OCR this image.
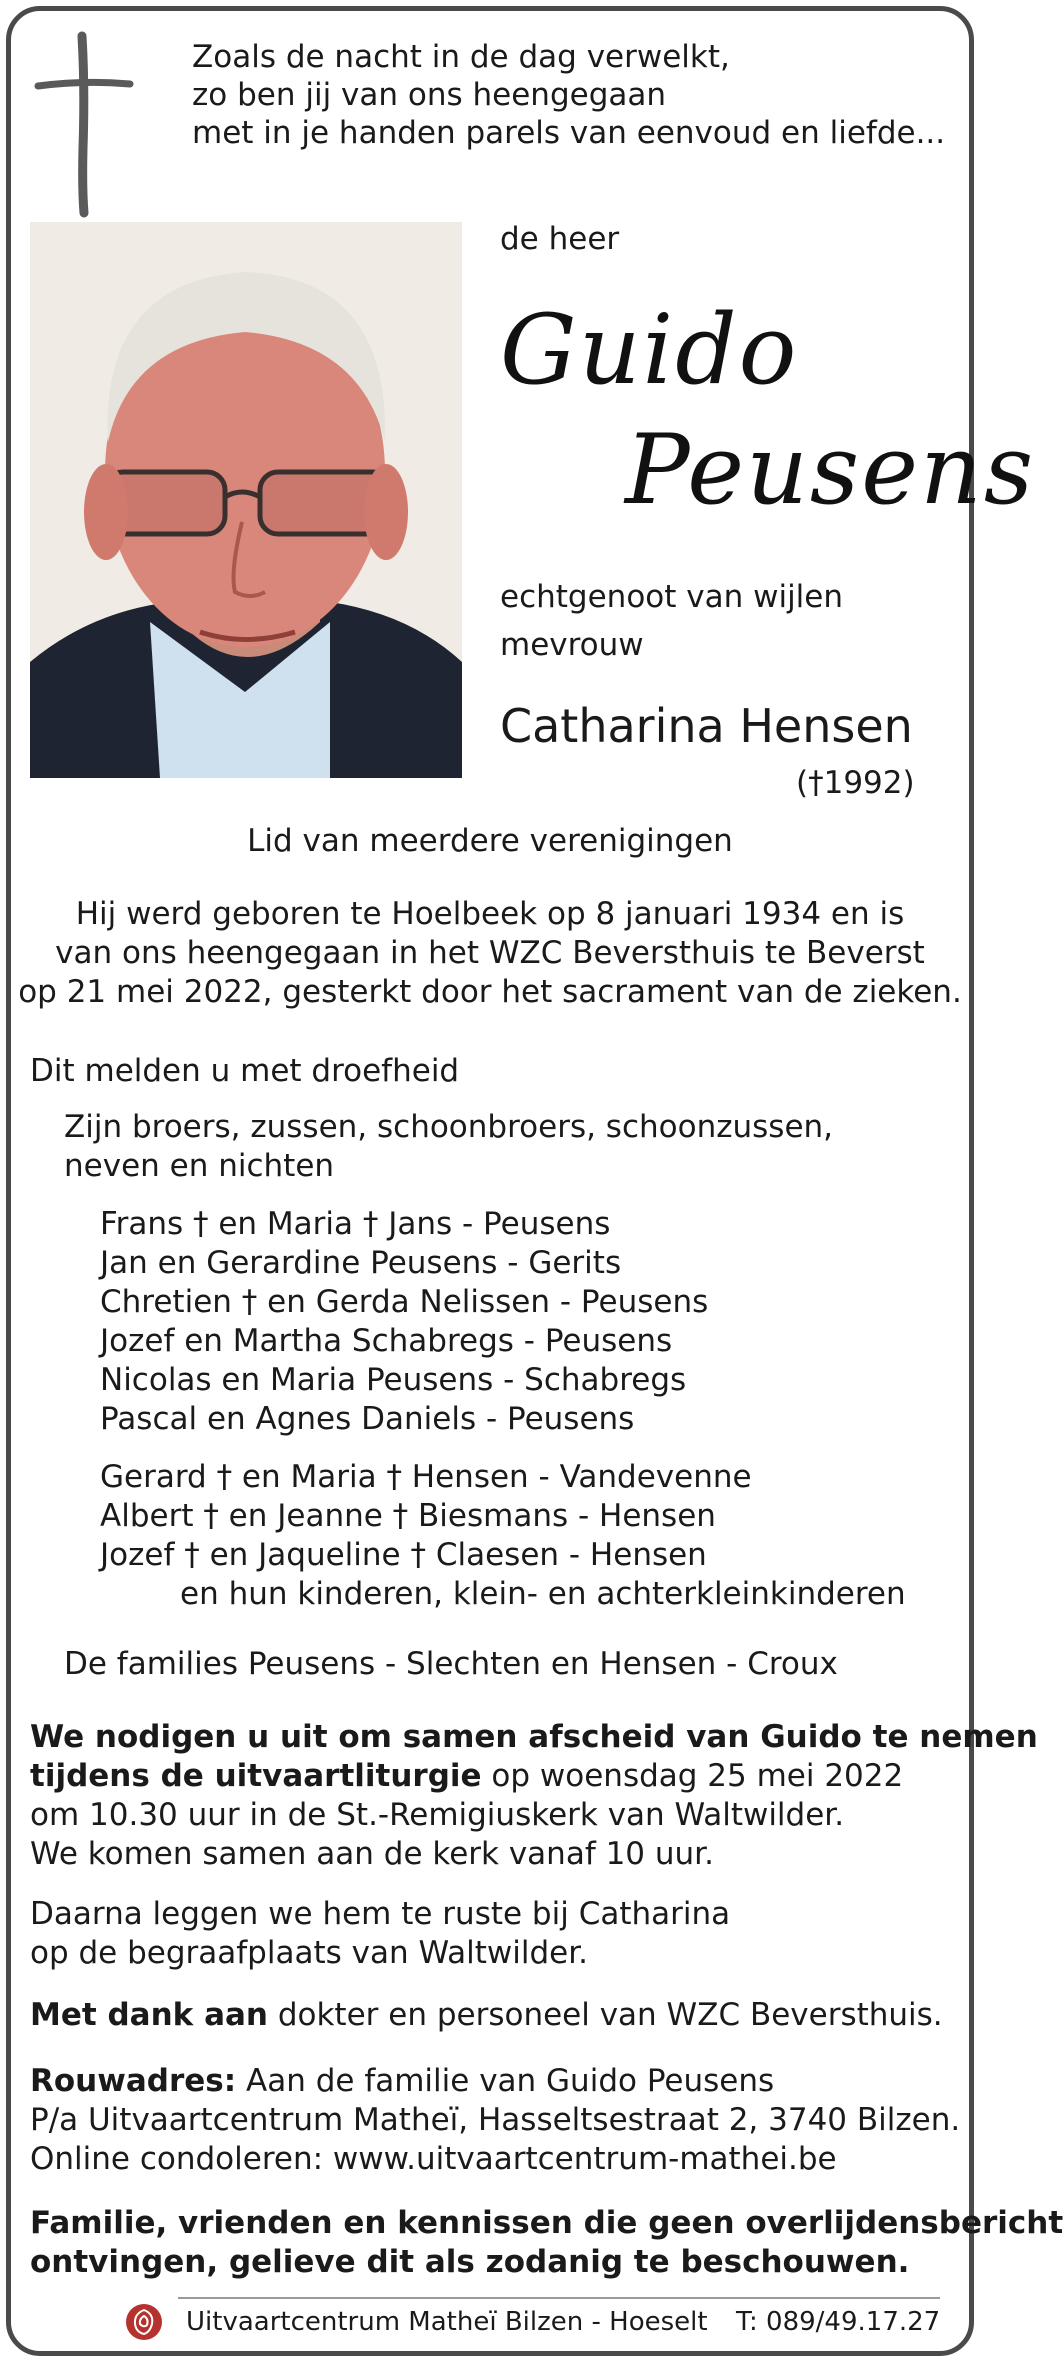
Zoals de nacht in de dag verwelkt,
zo ben jij van ons heengegaan
met in je handen parels van eenvoud en liefde...
de heer
Guido
Peusens
echtgenoot van wijlen
mevrouw
Catharina Hensen
(†1992)
Lid van meerdere verenigingen
Hij werd geboren te Hoelbeek op 8 januari 1934 en is
van ons heengegaan in het WZC Beversthuis te Beverst
op 21 mei 2022, gesterkt door het sacrament van de zieken.
Dit melden u met droefheid
Zijn broers, zussen, schoonbroers, schoonzussen,
neven en nichten
Frans † en Maria † Jans - Peusens
Jan en Gerardine Peusens - Gerits
Chretien † en Gerda Nelissen - Peusens
Jozef en Martha Schabregs - Peusens
Nicolas en Maria Peusens - Schabregs
Pascal en Agnes Daniels - Peusens
Gerard † en Maria † Hensen - Vandevenne
Albert † en Jeanne † Biesmans - Hensen
Jozef † en Jaqueline † Claesen - Hensen
en hun kinderen, klein- en achterkleinkinderen
De families Peusens - Slechten en Hensen - Croux
We nodigen u uit om samen afscheid van Guido te nemen
tijdens de uitvaartliturgie op woensdag 25 mei 2022
om 10.30 uur in de St.-Remigiuskerk van Waltwilder.
We komen samen aan de kerk vanaf 10 uur.
Daarna leggen we hem te ruste bij Catharina
op de begraafplaats van Waltwilder.
Met dank aan dokter en personeel van WZC Beversthuis.
Rouwadres: Aan de familie van Guido Peusens
P/a Uitvaartcentrum Matheï, Hasseltsestraat 2, 3740 Bilzen.
Online condoleren: www.uitvaartcentrum-mathei.be
Familie, vrienden en kennissen die geen overlijdensbericht
ontvingen, gelieve dit als zodanig te beschouwen.
Uitvaartcentrum Matheï Bilzen - Hoeselt T: 089/49.17.27
